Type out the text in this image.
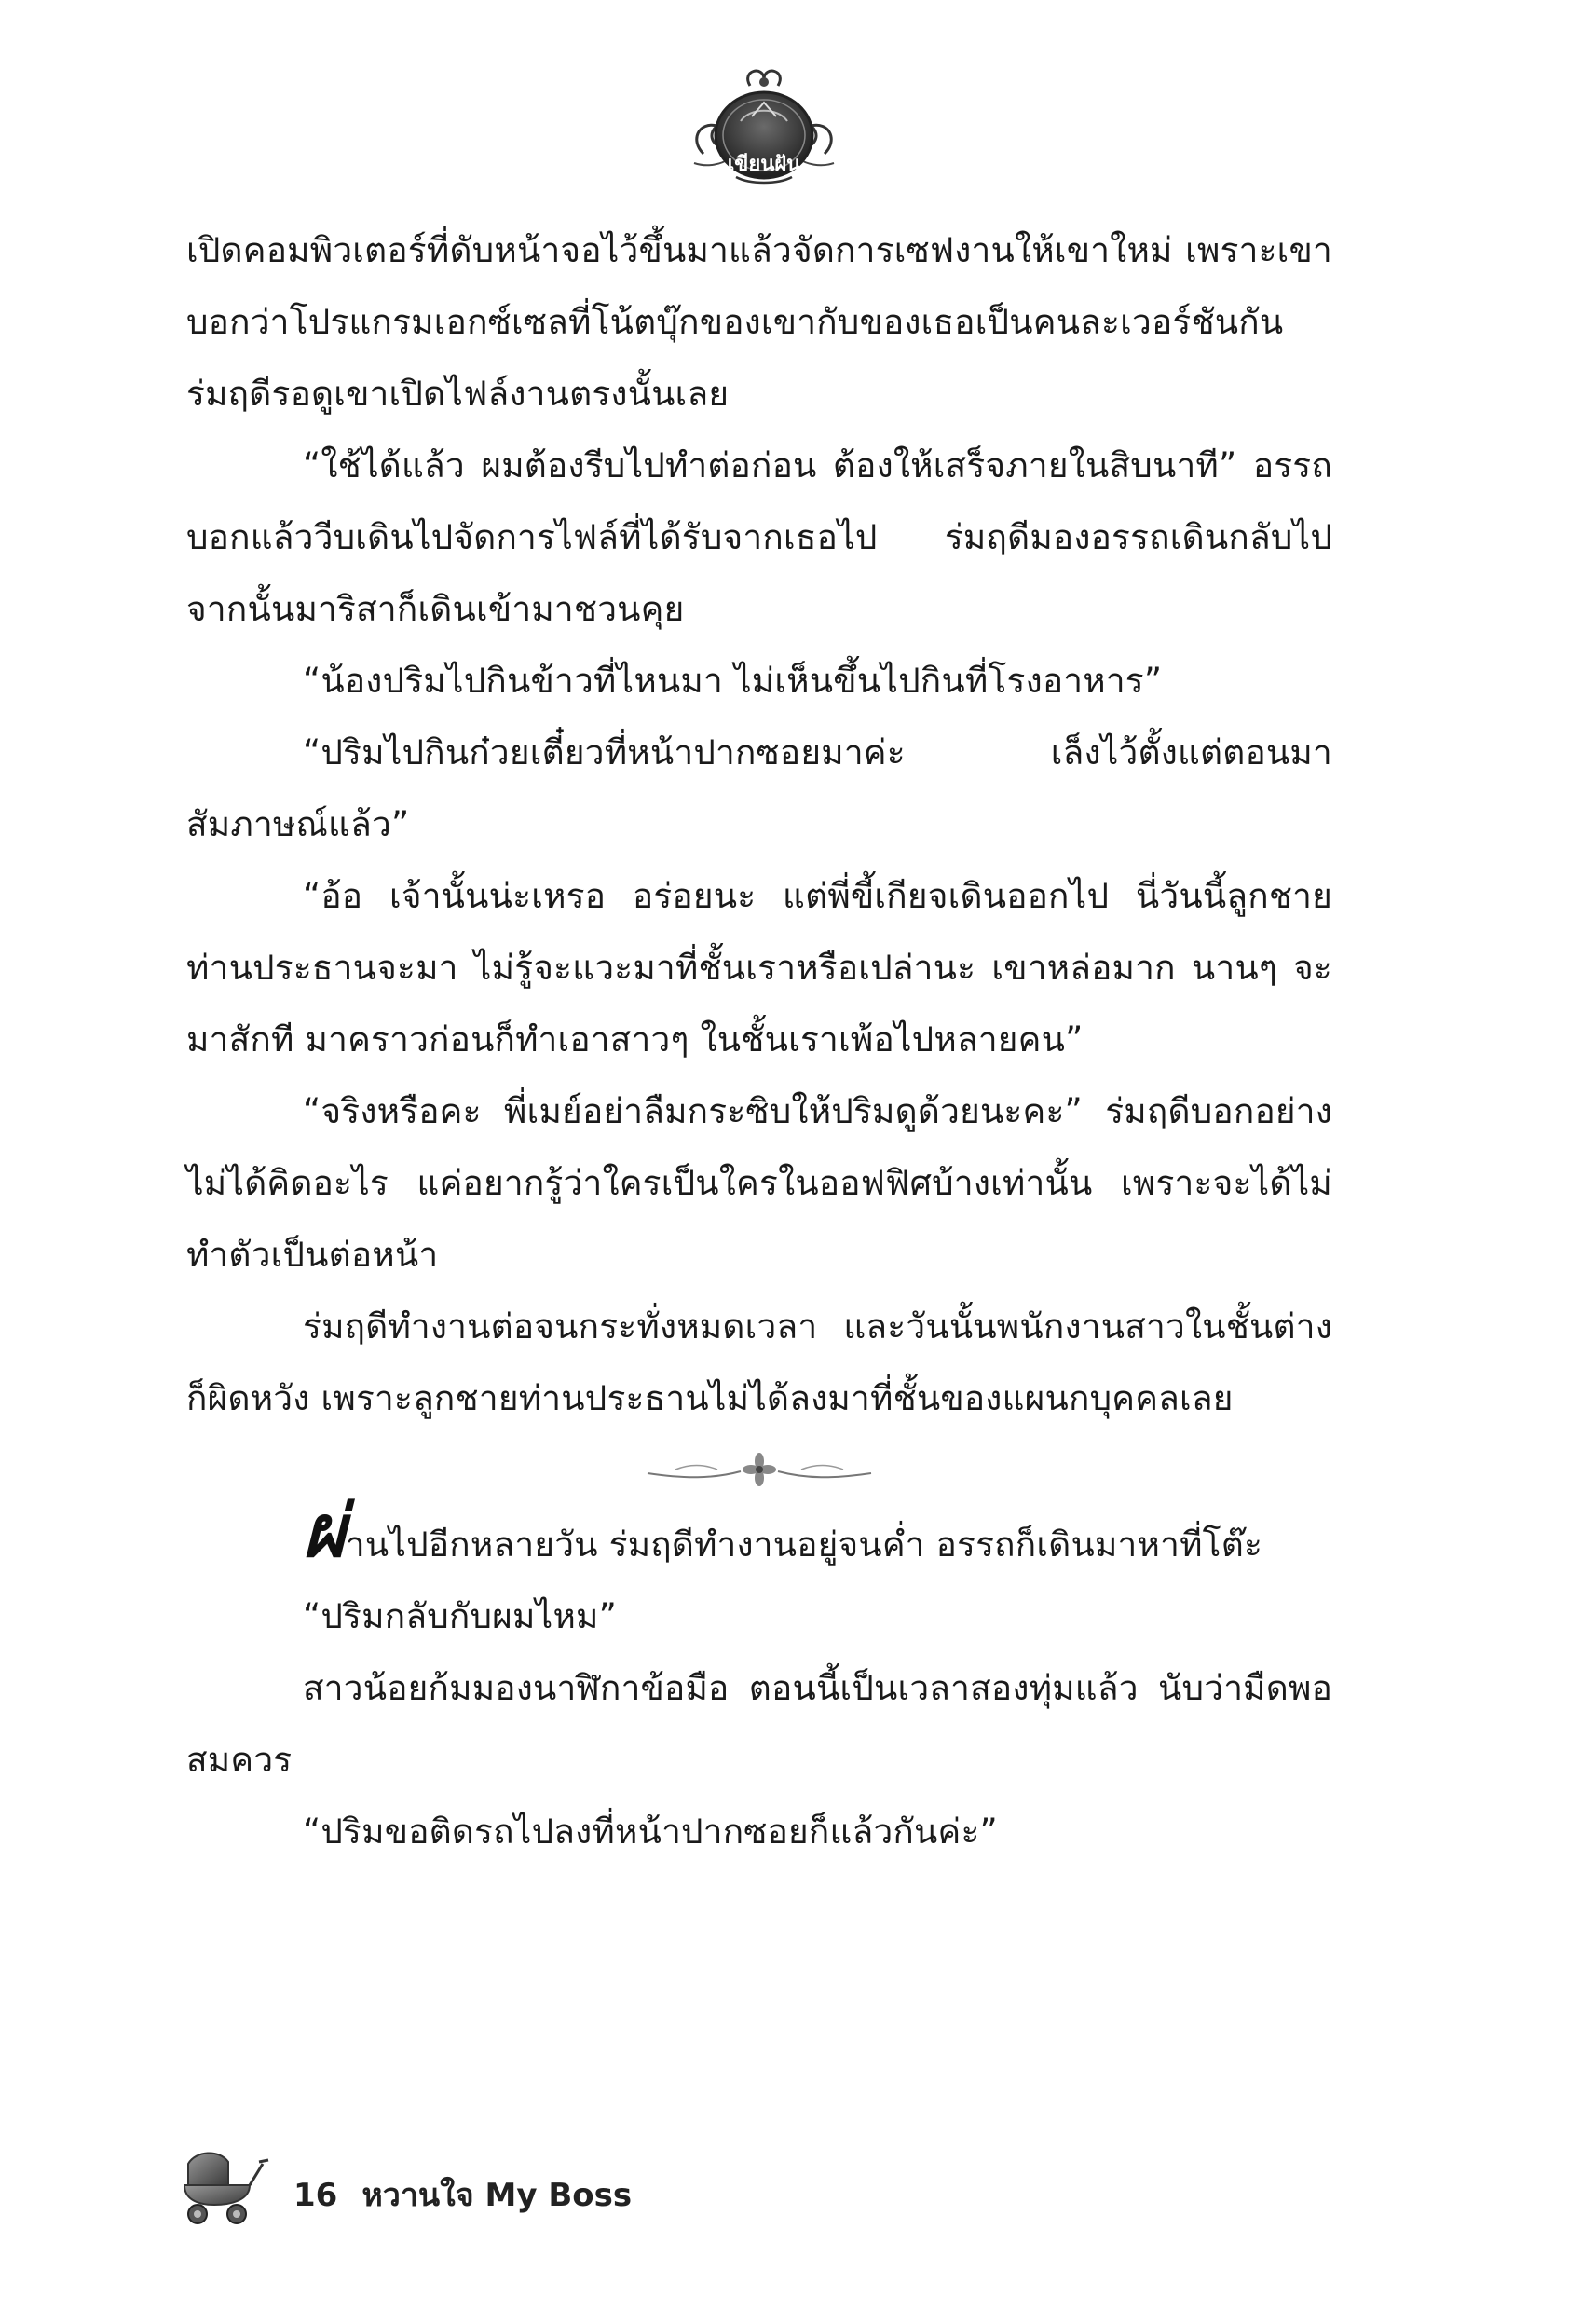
เขียนฝัน

เปิดคอมพิวเตอร์ที่ดับหน้าจอไว้ขึ้นมาแล้วจัดการเซฟงานให้เขาใหม่ เพราะเขาบอกว่าโปรแกรมเอกซ์เซลที่โน้ตบุ๊กของเขากับของเธอเป็นคนละเวอร์ชันกัน ร่มฤดีรอดูเขาเปิดไฟล์งานตรงนั้นเลย

“ใช้ได้แล้ว ผมต้องรีบไปทำต่อก่อน ต้องให้เสร็จภายในสิบนาที” อรรถบอกแล้ววีบเดินไปจัดการไฟล์ที่ได้รับจากเธอไป ร่มฤดีมองอรรถเดินกลับไป จากนั้นมาริสาก็เดินเข้ามาชวนคุย

“น้องปริมไปกินข้าวที่ไหนมา ไม่เห็นขึ้นไปกินที่โรงอาหาร”

“ปริมไปกินก๋วยเตี๋ยวที่หน้าปากซอยมาค่ะ เล็งไว้ตั้งแต่ตอนมาสัมภาษณ์แล้ว”

“อ้อ เจ้านั้นน่ะเหรอ อร่อยนะ แต่พี่ขี้เกียจเดินออกไป นี่วันนี้ลูกชายท่านประธานจะมา ไม่รู้จะแวะมาที่ชั้นเราหรือเปล่านะ เขาหล่อมาก นานๆ จะมาสักที มาคราวก่อนก็ทำเอาสาวๆ ในชั้นเราเพ้อไปหลายคน”

“จริงหรือคะ พี่เมย์อย่าลืมกระซิบให้ปริมดูด้วยนะคะ” ร่มฤดีบอกอย่างไม่ได้คิดอะไร แค่อยากรู้ว่าใครเป็นใครในออฟฟิศบ้างเท่านั้น เพราะจะได้ไม่ทำตัวเป็นต่อหน้า

ร่มฤดีทำงานต่อจนกระทั่งหมดเวลา และวันนั้นพนักงานสาวในชั้นต่างก็ผิดหวัง เพราะลูกชายท่านประธานไม่ได้ลงมาที่ชั้นของแผนกบุคคลเลย

ผ่านไปอีกหลายวัน ร่มฤดีทำงานอยู่จนค่ำ อรรถก็เดินมาหาที่โต๊ะ

“ปริมกลับกับผมไหม”

สาวน้อยก้มมองนาฬิกาข้อมือ ตอนนี้เป็นเวลาสองทุ่มแล้ว นับว่ามืดพอสมควร

“ปริมขอติดรถไปลงที่หน้าปากซอยก็แล้วกันค่ะ”

16 หวานใจ My Boss
